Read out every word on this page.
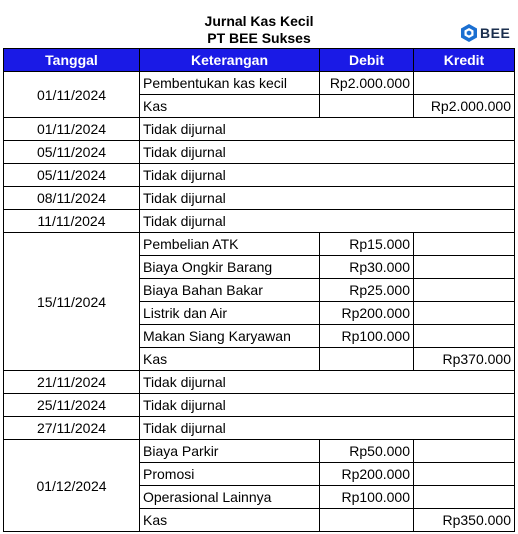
Jurnal Kas Kecil
PT BEE Sukses	BEE
Tanggal	Keterangan	Debit	Kredit
01/11/2024	Pembentukan kas kecil	Rp2.000.000	
	Kas		Rp2.000.000
01/11/2024	Tidak dijurnal		
05/11/2024	Tidak dijurnal		
05/11/2024	Tidak dijurnal		
08/11/2024	Tidak dijurnal		
11/11/2024	Tidak dijurnal		
15/11/2024	Pembelian ATK	Rp15.000	
	Biaya Ongkir Barang	Rp30.000	
	Biaya Bahan Bakar	Rp25.000	
	Listrik dan Air	Rp200.000	
	Makan Siang Karyawan	Rp100.000	
	Kas		Rp370.000
21/11/2024	Tidak dijurnal		
25/11/2024	Tidak dijurnal		
27/11/2024	Tidak dijurnal		
01/12/2024	Biaya Parkir	Rp50.000	
	Promosi	Rp200.000	
	Operasional Lainnya	Rp100.000	
	Kas		Rp350.000
